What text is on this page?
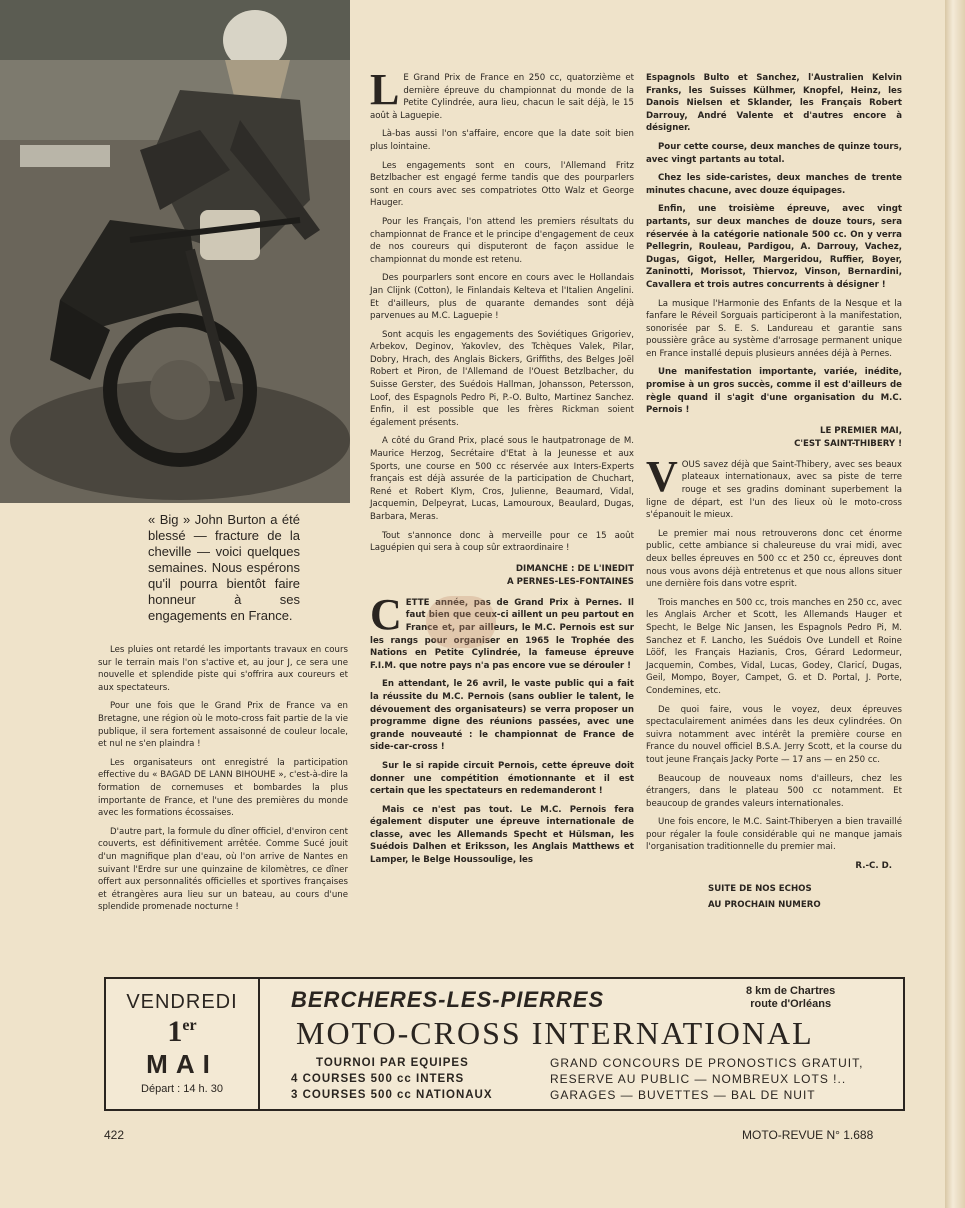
« Big » John Burton a été blessé — fracture de la cheville — voici quelques semaines. Nous espérons qu'il pourra bientôt faire honneur à ses engagements en France.

Les pluies ont retardé les importants travaux en cours sur le terrain mais l'on s'active et, au jour J, ce sera une nouvelle et splendide piste qui s'offrira aux coureurs et aux spectateurs.

Pour une fois que le Grand Prix de France va en Bretagne, une région où le moto-cross fait partie de la vie publique, il sera fortement assaisonné de couleur locale, et nul ne s'en plaindra !

Les organisateurs ont enregistré la participation effective du « BAGAD DE LANN BIHOUHE », c'est-à-dire la formation de cornemuses et bombardes la plus importante de France, et l'une des premières du monde avec les formations écossaises.

D'autre part, la formule du dîner officiel, d'environ cent couverts, est définitivement arrêtée. Comme Sucé jouit d'un magnifique plan d'eau, où l'on arrive de Nantes en suivant l'Erdre sur une quinzaine de kilomètres, ce dîner offert aux personnalités officielles et sportives françaises et étrangères aura lieu sur un bateau, au cours d'une splendide promenade nocturne !

L E Grand Prix de France en 250 cc, quatorzième et dernière épreuve du championnat du monde de la Petite Cylindrée, aura lieu, chacun le sait déjà, le 15 août à Laguepie.

Là-bas aussi l'on s'affaire, encore que la date soit bien plus lointaine.

Les engagements sont en cours, l'Allemand Fritz Betzlbacher est engagé ferme tandis que des pourparlers sont en cours avec ses compatriotes Otto Walz et George Hauger.

Pour les Français, l'on attend les premiers résultats du championnat de France et le principe d'engagement de ceux de nos coureurs qui disputeront de façon assidue le championnat du monde est retenu.

Des pourparlers sont encore en cours avec le Hollandais Jan Clijnk (Cotton), le Finlandais Kelteva et l'Italien Angelini. Et d'ailleurs, plus de quarante demandes sont déjà parvenues au M.C. Laguepie !

Sont acquis les engagements des Soviétiques Grigoriev, Arbekov, Deginov, Yakovlev, des Tchèques Valek, Pilar, Dobry, Hrach, des Anglais Bickers, Griffiths, des Belges Joël Robert et Piron, de l'Allemand de l'Ouest Betzlbacher, du Suisse Gerster, des Suédois Hallman, Johansson, Petersson, Loof, des Espagnols Pedro Pi, P.-O. Bulto, Martinez Sanchez. Enfin, il est possible que les frères Rickman soient également présents.

A côté du Grand Prix, placé sous le hautpatronage de M. Maurice Herzog, Secrétaire d'Etat à la Jeunesse et aux Sports, une course en 500 cc réservée aux Inters-Experts français est déjà assurée de la participation de Chuchart, René et Robert Klym, Cros, Julienne, Beaumard, Vidal, Jacquemin, Delpeyrat, Lucas, Lamouroux, Beaulard, Dugas, Barbara, Meras.

Tout s'annonce donc à merveille pour ce 15 août Laguépien qui sera à coup sûr extraordinaire !

DIMANCHE : DE L'INEDIT
A PERNES-LES-FONTAINES

CETTE année, pas de Grand Prix à Pernes. Il faut bien que ceux-ci aillent un peu partout en France et, par ailleurs, le M.C. Pernois est sur les rangs pour organiser en 1965 le Trophée des Nations en Petite Cylindrée, la fameuse épreuve F.I.M. que notre pays n'a pas encore vue se dérouler !

En attendant, le 26 avril, le vaste public qui a fait la réussite du M.C. Pernois (sans oublier le talent, le dévouement des organisateurs) se verra proposer un programme digne des réunions passées, avec une grande nouveauté : le championnat de France de side-car-cross !

Sur le si rapide circuit Pernois, cette épreuve doit donner une compétition émotionnante et il est certain que les spectateurs en redemanderont !

Mais ce n'est pas tout. Le M.C. Pernois fera également disputer une épreuve internationale de classe, avec les Allemands Specht et Hülsman, les Suédois Dalhen et Eriksson, les Anglais Matthews et Lamper, le Belge Houssoulige, les

Espagnols Bulto et Sanchez, l'Australien Kelvin Franks, les Suisses Külhmer, Knopfel, Heinz, les Danois Nielsen et Sklander, les Français Robert Darrouy, André Valente et d'autres encore à désigner.

Pour cette course, deux manches de quinze tours, avec vingt partants au total.

Chez les side-caristes, deux manches de trente minutes chacune, avec douze équipages.

Enfin, une troisième épreuve, avec vingt partants, sur deux manches de douze tours, sera réservée à la catégorie nationale 500 cc. On y verra Pellegrin, Rouleau, Pardigou, A. Darrouy, Vachez, Dugas, Gigot, Heller, Margeridou, Ruffier, Boyer, Zaninotti, Morissot, Thiervoz, Vinson, Bernardini, Cavallera et trois autres concurrents à désigner !

La musique l'Harmonie des Enfants de la Nesque et la fanfare le Réveil Sorguais participeront à la manifestation, sonorisée par S. E. S. Landureau et garantie sans poussière grâce au système d'arrosage permanent unique en France installé depuis plusieurs années déjà à Pernes.

Une manifestation importante, variée, inédite, promise à un gros succès, comme il est d'ailleurs de règle quand il s'agit d'une organisation du M.C. Pernois !

LE PREMIER MAI,
C'EST SAINT-THIBERY !

VOUS savez déjà que Saint-Thibery, avec ses beaux plateaux internationaux, avec sa piste de terre rouge et ses gradins dominant superbement la ligne de départ, est l'un des lieux où le moto-cross s'épanouit le mieux.

Le premier mai nous retrouverons donc cet énorme public, cette ambiance si chaleureuse du vrai midi, avec deux belles épreuves en 500 cc et 250 cc, épreuves dont nous vous avons déjà entretenus et que nous allons situer une dernière fois dans votre esprit.

Trois manches en 500 cc, trois manches en 250 cc, avec les Anglais Archer et Scott, les Allemands Hauger et Specht, le Belge Nic Jansen, les Espagnols Pedro Pi, M. Sanchez et F. Lancho, les Suédois Ove Lundell et Roine Lööf, les Français Hazianis, Cros, Gérard Ledormeur, Jacquemin, Combes, Vidal, Lucas, Godey, Claricí, Dugas, Geil, Mompo, Boyer, Campet, G. et D. Portal, J. Porte, Condemines, etc.

De quoi faire, vous le voyez, deux épreuves spectaculairement animées dans les deux cylindrées. On suivra notamment avec intérêt la première course en France du nouvel officiel B.S.A. Jerry Scott, et la course du tout jeune Français Jacky Porte — 17 ans — en 250 cc.

Beaucoup de nouveaux noms d'ailleurs, chez les étrangers, dans le plateau 500 cc notamment. Et beaucoup de grandes valeurs internationales.

Une fois encore, le M.C. Saint-Thiberyen a bien travaillé pour régaler la foule considérable qui ne manque jamais l'organisation traditionnelle du premier mai.

R.-C. D.
SUITE DE NOS ECHOS
AU PROCHAIN NUMERO
VENDREDI
1er
MAI
Départ : 14 h. 30
BERCHERES-LES-PIERRES	8 km de Chartres
route d'Orléans
MOTO-CROSS INTERNATIONAL
TOURNOI PAR EQUIPES
4 COURSES 500 cc INTERS
3 COURSES 500 cc NATIONAUX
GRAND CONCOURS DE PRONOSTICS GRATUIT,
RESERVE AU PUBLIC — NOMBREUX LOTS !..
GARAGES — BUVETTES — BAL DE NUIT
422	MOTO-REVUE N° 1.688
